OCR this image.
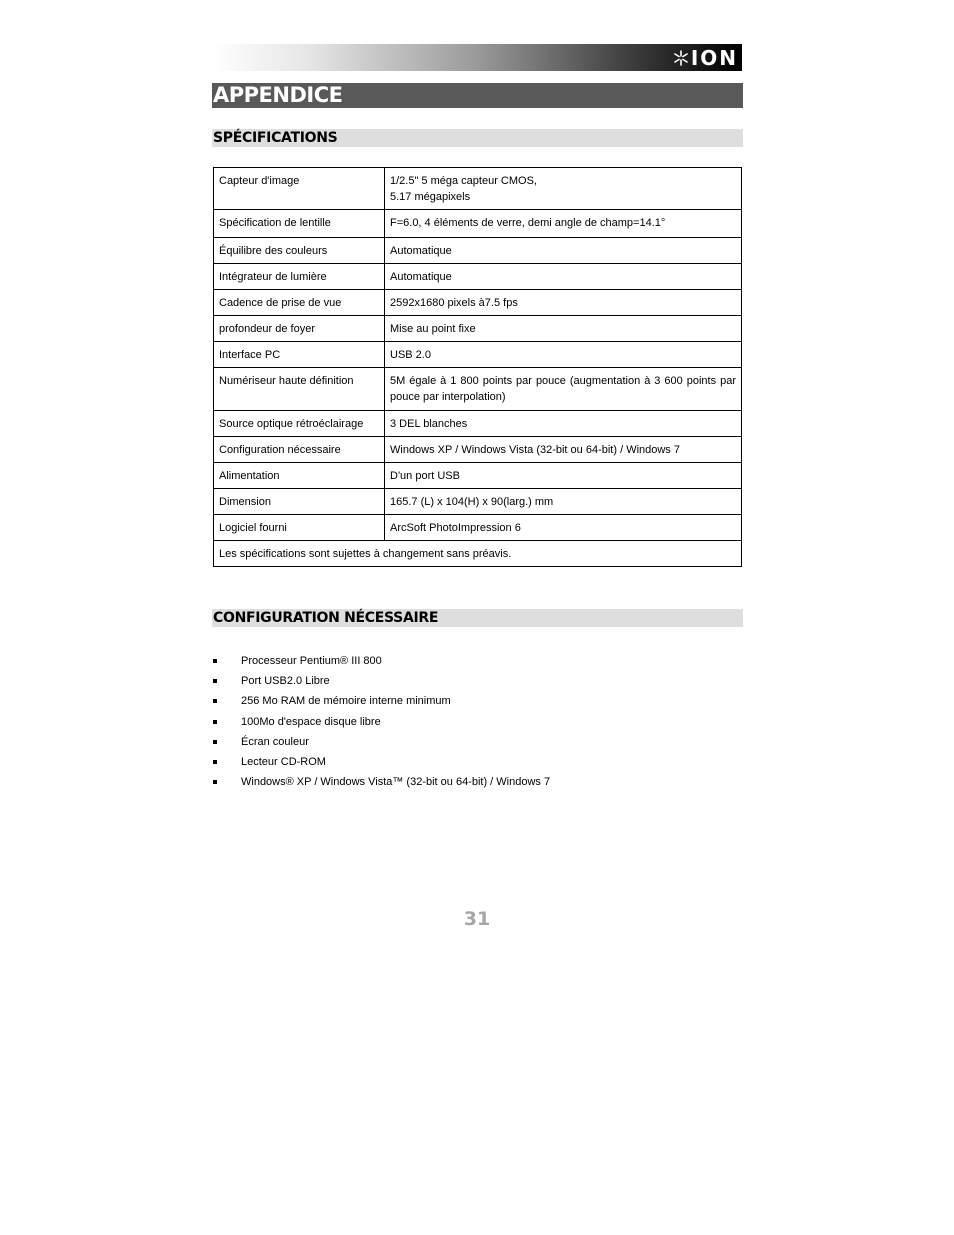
ION
APPENDICE
SPÉCIFICATIONS
Capteur d'image	1/2.5" 5 méga capteur CMOS,
5.17 mégapixels

Spécification de lentille	F=6.0, 4 éléments de verre, demi angle de champ=14.1°
Équilibre des couleurs	Automatique
Intégrateur de lumière	Automatique
Cadence de prise de vue	2592x1680 pixels à7.5 fps
profondeur de foyer	Mise au point fixe
Interface PC	USB 2.0
Numériseur haute définition	5M égale à 1 800 points par pouce (augmentation à 3 600 points par pouce par interpolation)
Source optique rétroéclairage	3 DEL blanches
Configuration nécessaire	Windows XP / Windows Vista (32-bit ou 64-bit) / Windows 7
Alimentation	D'un port USB
Dimension	165.7 (L) x 104(H) x 90(larg.) mm
Logiciel fourni	ArcSoft PhotoImpression 6
Les spécifications sont sujettes à changement sans préavis.	
CONFIGURATION NÉCESSAIRE
Processeur Pentium® III 800
Port USB2.0 Libre
256 Mo RAM de mémoire interne minimum
100Mo d'espace disque libre
Écran couleur
Lecteur CD-ROM
Windows® XP / Windows Vista™ (32-bit ou 64-bit) / Windows 7
31
